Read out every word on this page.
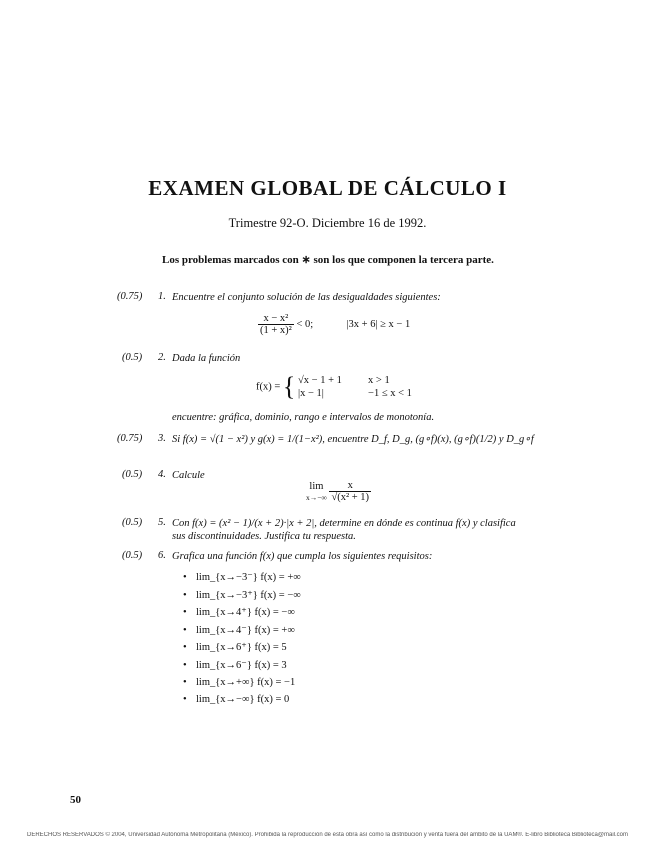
EXAMEN GLOBAL DE CÁLCULO I
Trimestre 92-O. Diciembre 16 de 1992.
Los problemas marcados con ∗ son los que componen la tercera parte.
(0.75) 1. Encuentre el conjunto solución de las desigualdades siguientes:
$\frac{\text{x − x²}}{\text{(1 + x)²}} < 0$;	|3x + 6| ≥ x − 1
(0.5) 2. Dada la función
f(x) = { √x − 1 + 1 x > 1
|x − 1|	−1 ≤ x < 1
encuentre: gráfica, dominio, rango e intervalos de monotonía.
(0.75) 3. Si f(x) = √(1 − x²) y g(x) = 1/(1−x²), encuentre D_f, D_g, (g∘f)(x), (g∘f)(1/2) y D_g∘f
(0.5) 4. Calcule
lim
x→−∞
$\frac{x}{\text{√(x² + 1)}}$
(0.5) 5. Con f(x) = (x² − 1)/(x + 2)·|x + 2|, determine en dónde es continua f(x) y clasifica sus discontinuidades. Justifica tu respuesta.
(0.5) 6. Grafica una función f(x) que cumpla los siguientes requisitos:
• lim_{x→−3⁻} f(x) = +∞
• lim_{x→−3⁺} f(x) = −∞
• lim_{x→4⁺} f(x) = −∞
• lim_{x→4⁻} f(x) = +∞
• lim_{x→6⁺} f(x) = 5
• lim_{x→6⁻} f(x) = 3
• lim_{x→+∞} f(x) = −1
• lim_{x→−∞} f(x) = 0
50
DERECHOS RESERVADOS © 2004, Universidad Autónoma Metropolitana (México). Prohibida la reproducción de esta obra así como la distribución y venta fuera del ámbito de la UAM®. E-libro Biblioteca Biblioteca@mail.com
